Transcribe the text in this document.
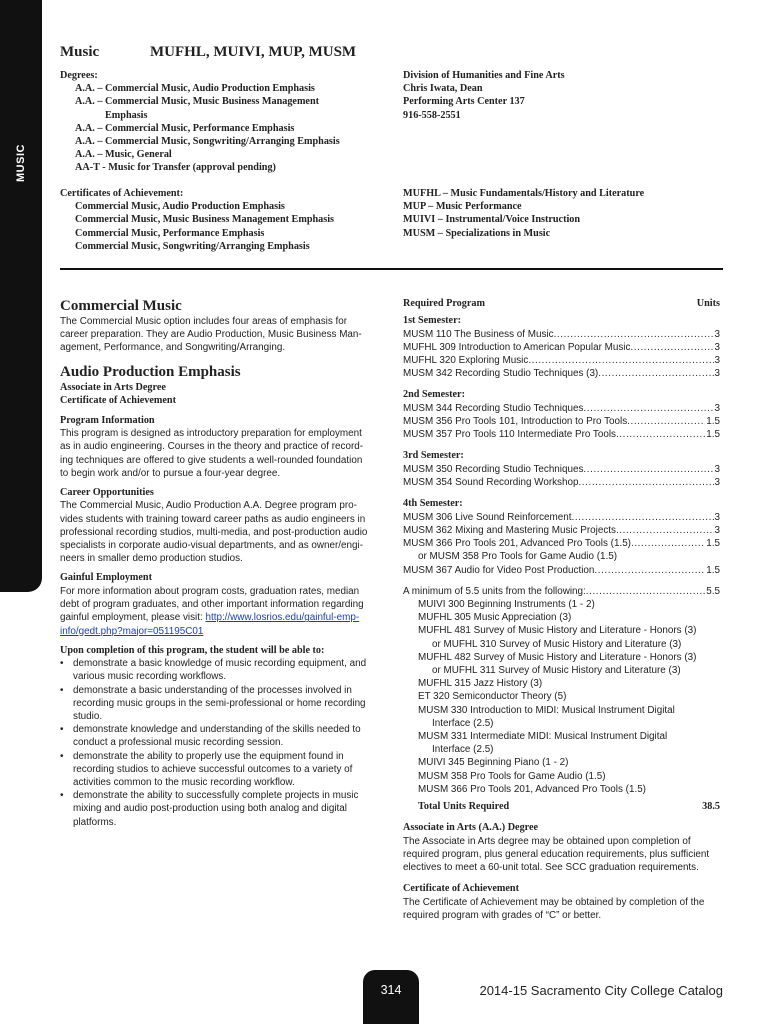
MUSIC
Music	MUFHL, MUIVI, MUP, MUSM
Degrees:
A.A. – Commercial Music, Audio Production Emphasis
A.A. – Commercial Music, Music Business Management
Emphasis
A.A. – Commercial Music, Performance Emphasis
A.A. – Commercial Music, Songwriting/Arranging Emphasis
A.A. – Music, General
AA-T - Music for Transfer (approval pending)
Certificates of Achievement:
Commercial Music, Audio Production Emphasis
Commercial Music, Music Business Management Emphasis
Commercial Music, Performance Emphasis
Commercial Music, Songwriting/Arranging Emphasis
Division of Humanities and Fine Arts
Chris Iwata, Dean
Performing Arts Center 137
916-558-2551
MUFHL – Music Fundamentals/History and Literature
MUP – Music Performance
MUIVI – Instrumental/Voice Instruction
MUSM – Specializations in Music
Commercial Music

The Commercial Music option includes four areas of emphasis for

career preparation. They are Audio Production, Music Business Man-

agement, Performance, and Songwriting/Arranging.

Audio Production Emphasis
Associate in Arts Degree
Certificate of Achievement
Program Information

This program is designed as introductory preparation for employment

as in audio engineering. Courses in the theory and practice of record-

ing techniques are offered to give students a well-rounded foundation

to begin work and/or to pursue a four-year degree.

Career Opportunities

The Commercial Music, Audio Production A.A. Degree program pro-

vides students with training toward career paths as audio engineers in

professional recording studios, multi-media, and post-production audio

specialists in corporate audio-visual departments, and as owner/engi-

neers in smaller demo production studios.

Gainful Employment

For more information about program costs, graduation rates, median

debt of program graduates, and other important information regarding

gainful employment, please visit: http://www.losrios.edu/gainful-emp-

info/gedt.php?major=051195C01

Upon completion of this program, the student will be able to:
• demonstrate a basic knowledge of music recording equipment, and
various music recording workflows.
• demonstrate a basic understanding of the processes involved in
recording music groups in the semi-professional or home recording
studio.
• demonstrate knowledge and understanding of the skills needed to
conduct a professional music recording session.
• demonstrate the ability to properly use the equipment found in
recording studios to achieve successful outcomes to a variety of
activities common to the music recording workflow.
• demonstrate the ability to successfully complete projects in music
mixing and audio post-production using both analog and digital
platforms.
Required Program	Units
1st Semester:
MUSM 110 The Business of Music .....	3
MUFHL 309 Introduction to American Popular Music .....	3
MUFHL 320 Exploring Music .....	3
MUSM 342 Recording Studio Techniques (3) .....	3
2nd Semester:
MUSM 344 Recording Studio Techniques .....	3
MUSM 356 Pro Tools 101, Introduction to Pro Tools .....	1.5
MUSM 357 Pro Tools 110 Intermediate Pro Tools .....	1.5
3rd Semester:
MUSM 350 Recording Studio Techniques .....	3
MUSM 354 Sound Recording Workshop .....	3
4th Semester:
MUSM 306 Live Sound Reinforcement .....	3
MUSM 362 Mixing and Mastering Music Projects .....	3
MUSM 366 Pro Tools 201, Advanced Pro Tools (1.5) .....	1.5
or MUSM 358 Pro Tools for Game Audio (1.5)
MUSM 367 Audio for Video Post Production .....	1.5
A minimum of 5.5 units from the following: .....	5.5
MUIVI 300 Beginning Instruments (1 - 2)
MUFHL 305 Music Appreciation (3)
MUFHL 481 Survey of Music History and Literature - Honors (3)
or MUFHL 310 Survey of Music History and Literature (3)
MUFHL 482 Survey of Music History and Literature - Honors (3)
or MUFHL 311 Survey of Music History and Literature (3)
MUFHL 315 Jazz History (3)
ET 320 Semiconductor Theory (5)
MUSM 330 Introduction to MIDI: Musical Instrument Digital
Interface (2.5)
MUSM 331 Intermediate MIDI: Musical Instrument Digital
Interface (2.5)
MUIVI 345 Beginning Piano (1 - 2)
MUSM 358 Pro Tools for Game Audio (1.5)
MUSM 366 Pro Tools 201, Advanced Pro Tools (1.5)
Total Units Required	38.5
Associate in Arts (A.A.) Degree

The Associate in Arts degree may be obtained upon completion of

required program, plus general education requirements, plus sufficient

electives to meet a 60-unit total. See SCC graduation requirements.

Certificate of Achievement

The Certificate of Achievement may be obtained by completion of the

required program with grades of “C” or better.

314	2014-15 Sacramento City College Catalog
